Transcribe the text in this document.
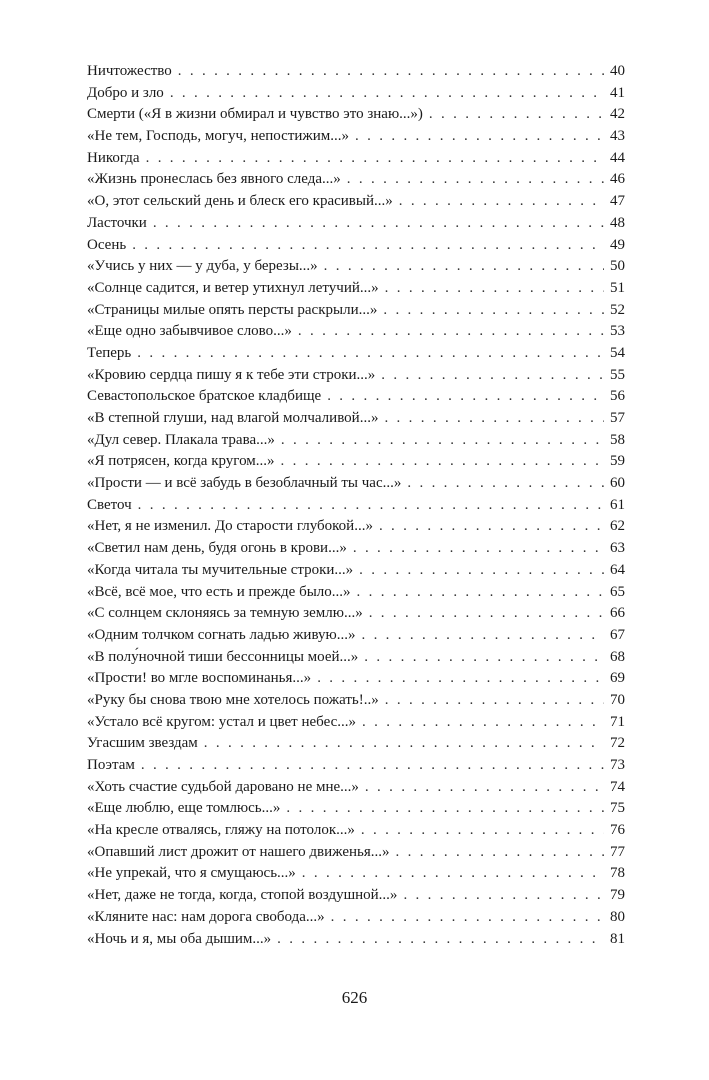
Ничтожество . . .	40
Добро и зло . . .	41
Смерти («Я в жизни обмирал и чувство это знаю...») . . .	42
«Не тем, Господь, могуч, непостижим...» . . .	43
Никогда . . .	44
«Жизнь пронеслась без явного следа...» . . .	46
«О, этот сельский день и блеск его красивый...» . . .	47
Ласточки . . .	48
Осень . . .	49
«Учись у них — у дуба, у березы...» . . .	50
«Солнце садится, и ветер утихнул летучий...» . . .	51
«Страницы милые опять персты раскрыли...» . . .	52
«Еще одно забывчивое слово...» . . .	53
Теперь . . .	54
«Кровию сердца пишу я к тебе эти строки...» . . .	55
Севастопольское братское кладбище . . .	56
«В степной глуши, над влагой молчаливой...» . . .	57
«Дул север. Плакала трава...» . . .	58
«Я потрясен, когда кругом...» . . .	59
«Прости — и всё забудь в безоблачный ты час...» . . .	60
Светоч . . .	61
«Нет, я не изменил. До старости глубокой...» . . .	62
«Светил нам день, будя огонь в крови...» . . .	63
«Когда читала ты мучительные строки...» . . .	64
«Всё, всё мое, что есть и прежде было...» . . .	65
«С солнцем склоняясь за темную землю...» . . .	66
«Одним толчком согнать ладью живую...» . . .	67
«В полу́ночной тиши бессонницы моей...» . . .	68
«Прости! во мгле воспоминанья...» . . .	69
«Руку бы снова твою мне хотелось пожать!..» . . .	70
«Устало всё кругом: устал и цвет небес...» . . .	71
Угасшим звездам . . .	72
Поэтам . . .	73
«Хоть счастие судьбой даровано не мне...» . . .	74
«Еще люблю, еще томлюсь...» . . .	75
«На кресле отвалясь, гляжу на потолок...» . . .	76
«Опавший лист дрожит от нашего движенья...» . . .	77
«Не упрекай, что я смущаюсь...» . . .	78
«Нет, даже не тогда, когда, стопой воздушной...» . . .	79
«Кляните нас: нам дорога свобода...» . . .	80
«Ночь и я, мы оба дышим...» . . .	81
626
